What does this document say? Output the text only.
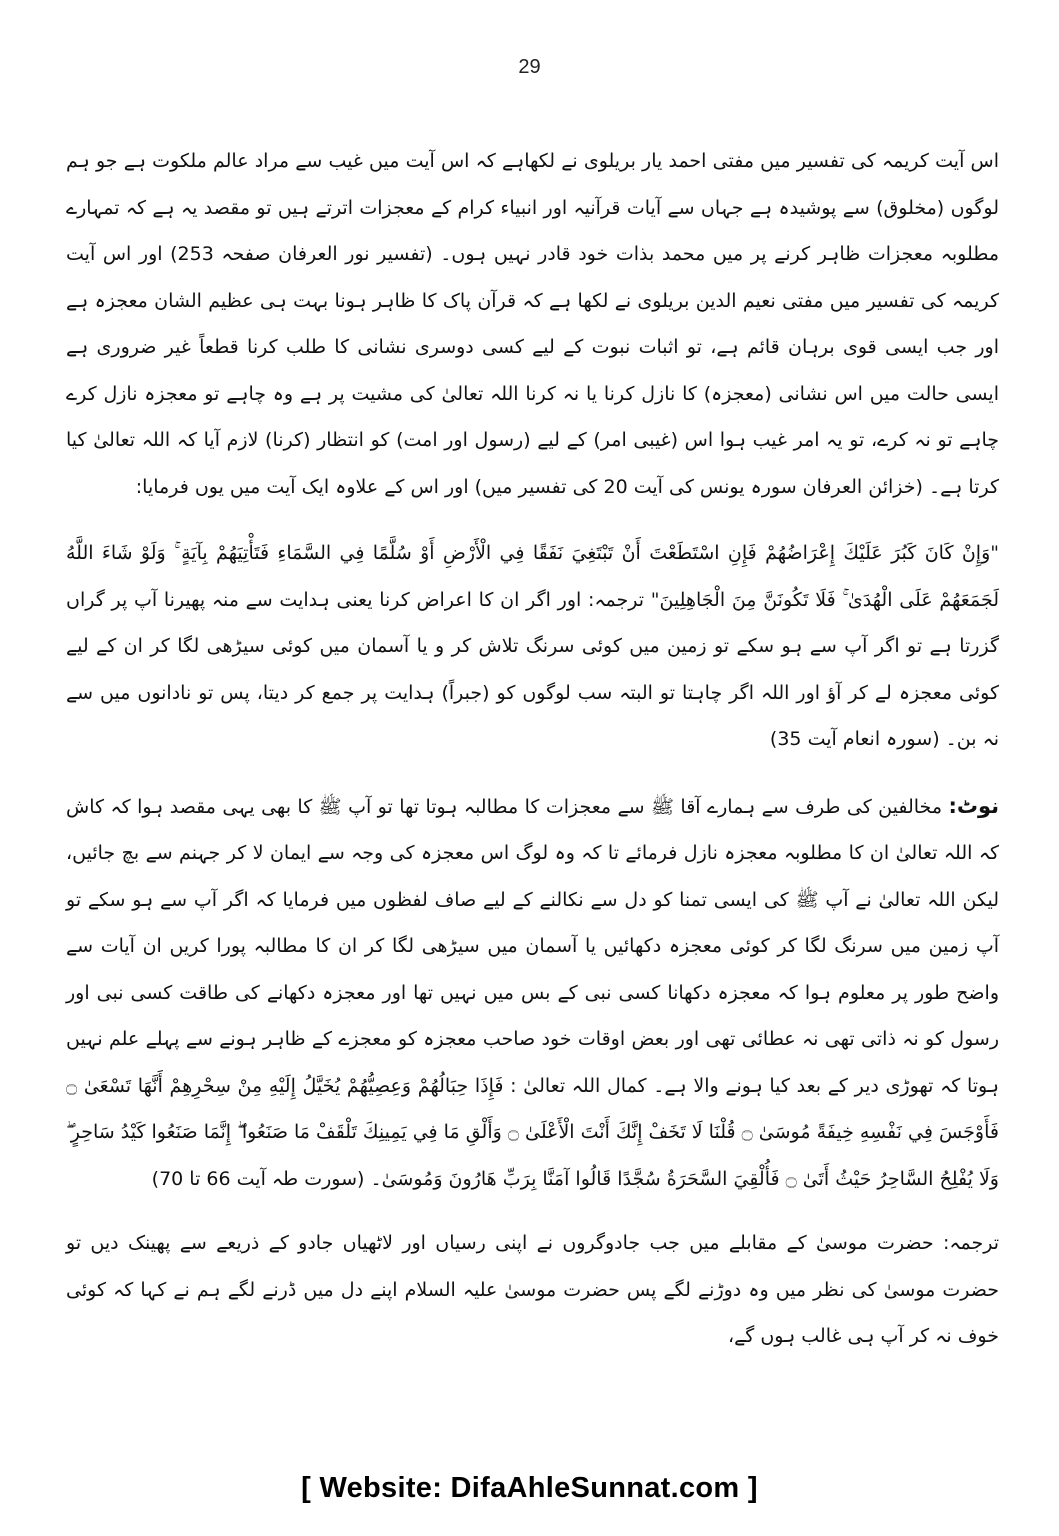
29

اس آیت کریمہ کی تفسیر میں مفتی احمد یار بریلوی نے لکھاہے کہ اس آیت میں غیب سے مراد عالم ملکوت ہے جو ہم لوگوں (مخلوق) سے پوشیدہ ہے جہاں سے آیات قرآنیہ اور انبیاء کرام کے معجزات اترتے ہیں تو مقصد یہ ہے کہ تمہارے مطلوبہ معجزات ظاہر کرنے پر میں محمد بذات خود قادر نہیں ہوں۔ (تفسیر نور العرفان صفحہ 253) اور اس آیت کریمہ کی تفسیر میں مفتی نعیم الدین بریلوی نے لکھا ہے کہ قرآن پاک کا ظاہر ہونا بہت ہی عظیم الشان معجزہ ہے اور جب ایسی قوی برہان قائم ہے، تو اثبات نبوت کے لیے کسی دوسری نشانی کا طلب کرنا قطعاً غیر ضروری ہے ایسی حالت میں اس نشانی (معجزہ) کا نازل کرنا یا نہ کرنا اللہ تعالیٰ کی مشیت پر ہے وہ چاہے تو معجزہ نازل کرے چاہے تو نہ کرے، تو یہ امر غیب ہوا اس (غیبی امر) کے لیے (رسول اور امت) کو انتظار (کرنا) لازم آیا کہ اللہ تعالیٰ کیا کرتا ہے۔ (خزائن العرفان سورہ یونس کی آیت 20 کی تفسیر میں) اور اس کے علاوہ ایک آیت میں یوں فرمایا:

"وَإِنْ كَانَ كَبُرَ عَلَيْكَ إِعْرَاضُهُمْ فَإِنِ اسْتَطَعْتَ أَنْ تَبْتَغِيَ نَفَقًا فِي الْأَرْضِ أَوْ سُلَّمًا فِي السَّمَاءِ فَتَأْتِيَهُمْ بِآيَةٍ ۚ وَلَوْ شَاءَ اللَّهُ لَجَمَعَهُمْ عَلَى الْهُدَىٰ ۚ فَلَا تَكُونَنَّ مِنَ الْجَاهِلِينَ" ترجمہ: اور اگر ان کا اعراض کرنا یعنی ہدایت سے منہ پھیرنا آپ پر گراں گزرتا ہے تو اگر آپ سے ہو سکے تو زمین میں کوئی سرنگ تلاش کر و یا آسمان میں کوئی سیڑھی لگا کر ان کے لیے کوئی معجزہ لے کر آؤ اور اللہ اگر چاہتا تو البتہ سب لوگوں کو (جبراً) ہدایت پر جمع کر دیتا، پس تو نادانوں میں سے نہ بن۔ (سورہ انعام آیت 35)

نوٹ: مخالفین کی طرف سے ہمارے آقا ﷺ سے معجزات کا مطالبہ ہوتا تھا تو آپ ﷺ کا بھی یہی مقصد ہوا کہ کاش کہ اللہ تعالیٰ ان کا مطلوبہ معجزہ نازل فرمائے تا کہ وہ لوگ اس معجزہ کی وجہ سے ایمان لا کر جہنم سے بچ جائیں، لیکن اللہ تعالیٰ نے آپ ﷺ کی ایسی تمنا کو دل سے نکالنے کے لیے صاف لفظوں میں فرمایا کہ اگر آپ سے ہو سکے تو آپ زمین میں سرنگ لگا کر کوئی معجزہ دکھائیں یا آسمان میں سیڑھی لگا کر ان کا مطالبہ پورا کریں ان آیات سے واضح طور پر معلوم ہوا کہ معجزہ دکھانا کسی نبی کے بس میں نہیں تھا اور معجزہ دکھانے کی طاقت کسی نبی اور رسول کو نہ ذاتی تھی نہ عطائی تھی اور بعض اوقات خود صاحب معجزہ کو معجزے کے ظاہر ہونے سے پہلے علم نہیں ہوتا کہ تھوڑی دیر کے بعد کیا ہونے والا ہے۔ کمال اللہ تعالیٰ : فَإِذَا حِبَالُهُمْ وَعِصِيُّهُمْ يُخَيَّلُ إِلَيْهِ مِنْ سِحْرِهِمْ أَنَّهَا تَسْعَىٰ ۝ فَأَوْجَسَ فِي نَفْسِهِ خِيفَةً مُوسَىٰ ۝ قُلْنَا لَا تَخَفْ إِنَّكَ أَنْتَ الْأَعْلَىٰ ۝ وَأَلْقِ مَا فِي يَمِينِكَ تَلْقَفْ مَا صَنَعُوا ۖ إِنَّمَا صَنَعُوا كَيْدُ سَاحِرٍ ۖ وَلَا يُفْلِحُ السَّاحِرُ حَيْثُ أَتَىٰ ۝ فَأُلْقِيَ السَّحَرَةُ سُجَّدًا قَالُوا آمَنَّا بِرَبِّ هَارُونَ وَمُوسَىٰ۔ (سورت طہ آیت 66 تا 70)

ترجمہ: حضرت موسیٰ کے مقابلے میں جب جادوگروں نے اپنی رسیاں اور لاٹھیاں جادو کے ذریعے سے پھینک دیں تو حضرت موسیٰ کی نظر میں وہ دوڑنے لگے پس حضرت موسیٰ علیہ السلام اپنے دل میں ڈرنے لگے ہم نے کہا کہ کوئی خوف نہ کر آپ ہی غالب ہوں گے،

[ Website: DifaAhleSunnat.com ]
